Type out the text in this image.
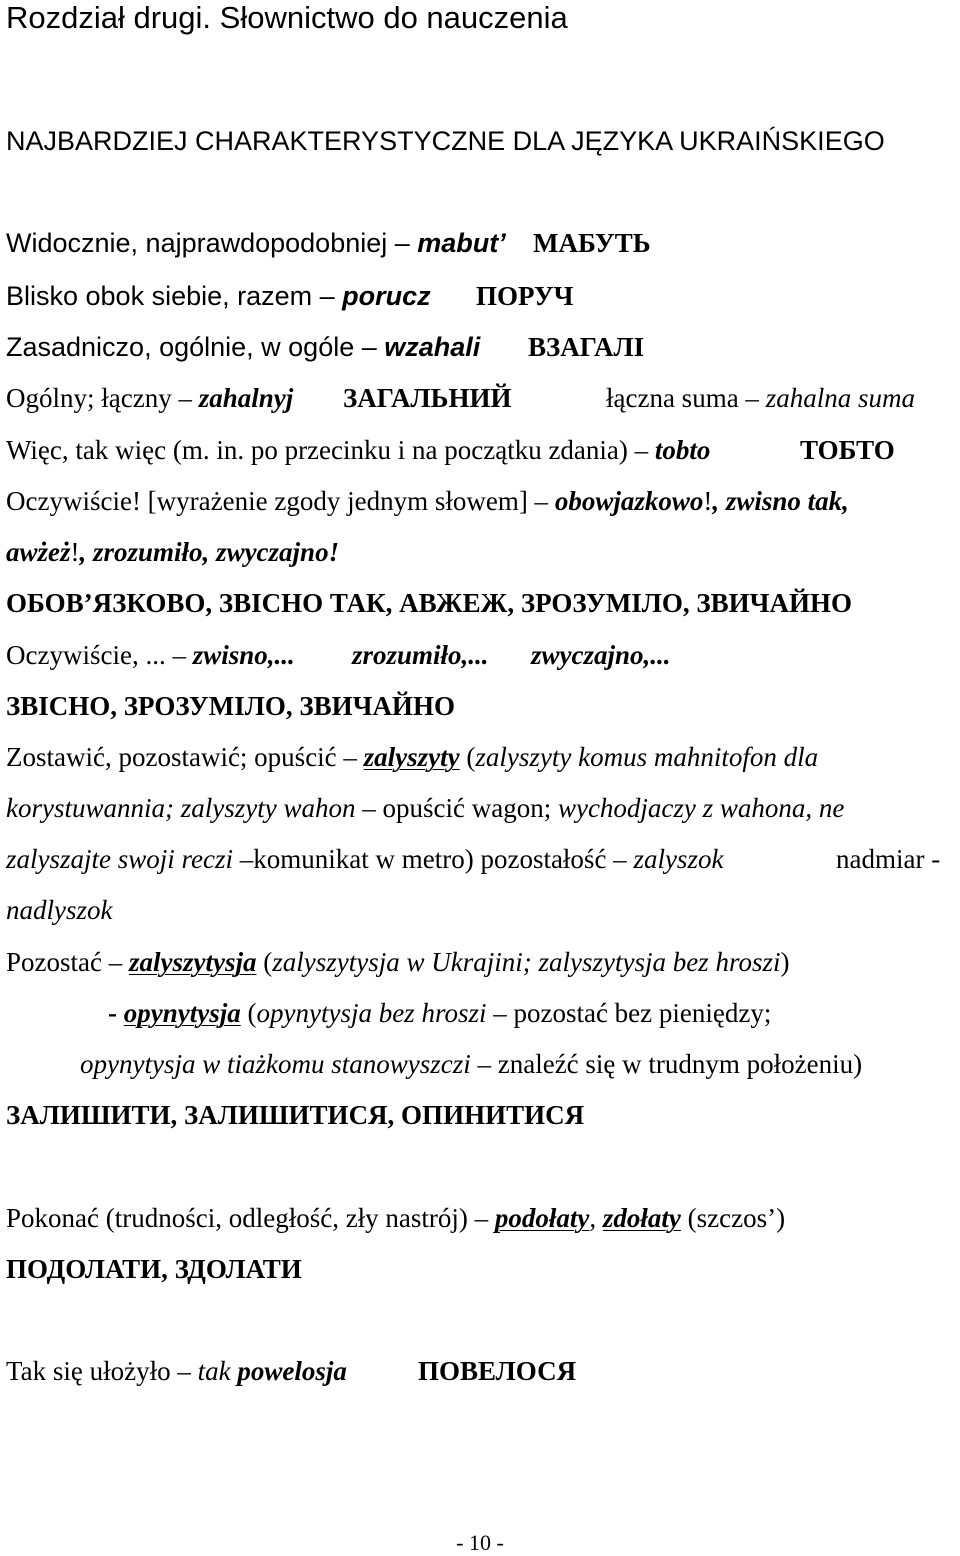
Rozdział drugi. Słownictwo do nauczenia
NAJBARDZIEJ CHARAKTERYSTYCZNE DLA JĘZYKA UKRAIŃSKIEGO
Widocznie, najprawdopodobniej – mabut’ МАБУТЬ
Blisko obok siebie, razem – porucz ПОРУЧ
Zasadniczo, ogólnie, w ogóle – wzahali ВЗАГАЛІ
Ogólny; łączny – zahalnyj ЗАГАЛЬНИЙ	łączna suma – zahalna suma
Więc, tak więc (m. in. po przecinku i na początku zdania) – tobto	ТОБТО
Oczywiście! [wyrażenie zgody jednym słowem] – obowjazkowo!, zwisno tak,
awżeż!, zrozumiło, zwyczajno!
ОБОВ’ЯЗКОВО, ЗВІСНО ТАК, АВЖЕЖ, ЗРОЗУМІЛО, ЗВИЧАЙНО
Oczywiście, ... – zwisno,... zrozumiło,... zwyczajno,...
ЗВІСНО, ЗРОЗУМІЛО, ЗВИЧАЙНО
Zostawić, pozostawić; opuścić – zalyszyty (zalyszyty komus mahnitofon dla
korystuwannia; zalyszyty wahon – opuścić wagon; wychodjaczy z wahona, ne
zalyszajte swoji reczi –komunikat w metro) pozostałość – zalyszok	nadmiar -
nadlyszok
Pozostać – zalyszytysja (zalyszytysja w Ukrajini; zalyszytysja bez hroszi)
- opynytysja (opynytysja bez hroszi – pozostać bez pieniędzy;
opynytysja w tiażkomu stanowyszczi – znaleźć się w trudnym położeniu)
ЗАЛИШИТИ, ЗАЛИШИТИСЯ, ОПИНИТИСЯ
Pokonać (trudności, odległość, zły nastrój) – podołaty, zdołaty (szczos’)
ПОДОЛАТИ, ЗДОЛАТИ
Tak się ułożyło – tak powelosja	ПОВЕЛОСЯ
- 10 -
